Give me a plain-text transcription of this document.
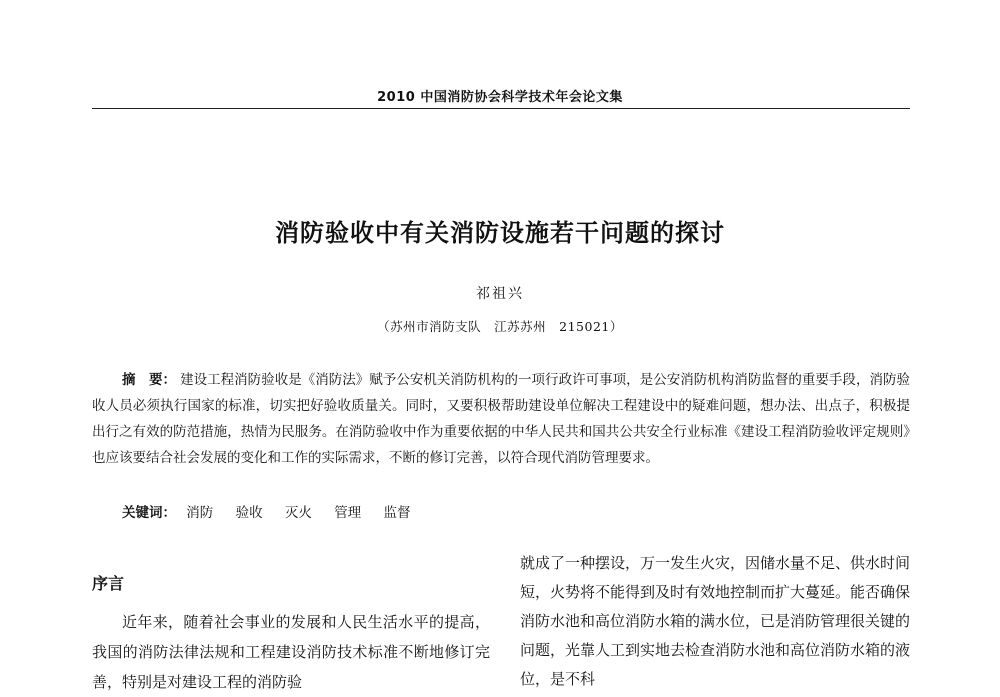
2010 中国消防协会科学技术年会论文集
消防验收中有关消防设施若干问题的探讨
祁祖兴
（苏州市消防支队　江苏苏州　215021）
摘　要： 建设工程消防验收是《消防法》赋予公安机关消防机构的一项行政许可事项，是公安消防机构消防监督的重要手段，消防验收人员必须执行国家的标准，切实把好验收质量关。同时，又要积极帮助建设单位解决工程建设中的疑难问题，想办法、出点子，积极提出行之有效的防范措施，热情为民服务。在消防验收中作为重要依据的中华人民共和国共公共安全行业标准《建设工程消防验收评定规则》也应该要结合社会发展的变化和工作的实际需求，不断的修订完善，以符合现代消防管理要求。
关键词： 消防 验收 灭火 管理 监督
序言
近年来，随着社会事业的发展和人民生活水平的提高，我国的消防法律法规和工程建设消防技术标准不断地修订完善，特别是对建设工程的消防验
就成了一种摆设，万一发生火灾，因储水量不足、供水时间短，火势将不能得到及时有效地控制而扩大蔓延。能否确保消防水池和高位消防水箱的满水位，已是消防管理很关键的问题，光靠人工到实地去检查消防水池和高位消防水箱的液位，是不科
